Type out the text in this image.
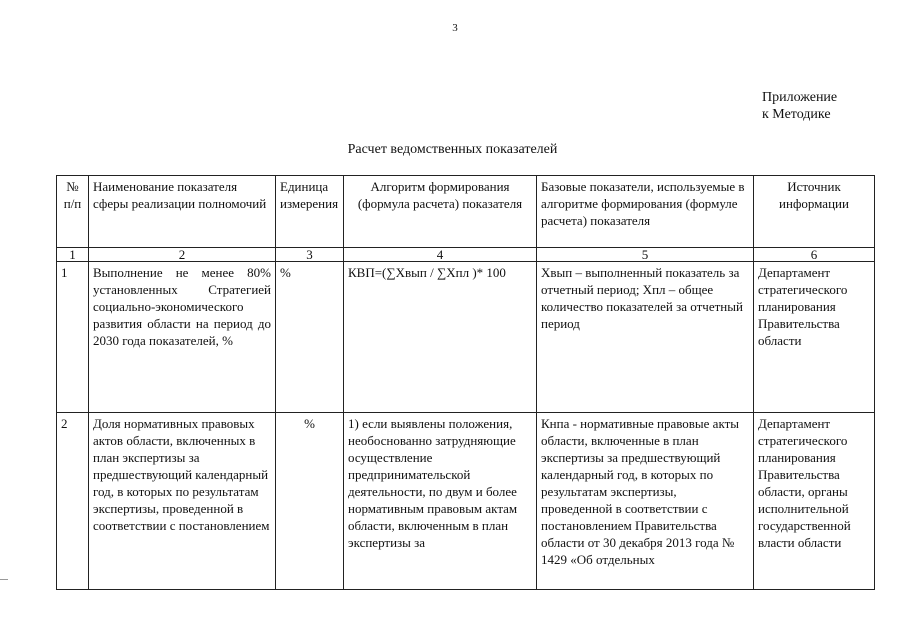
3
Приложение
к Методике
Расчет ведомственных показателей
№ п/п	Наименование показателя сферы реализации полномочий	Единица измерения	Алгоритм формирования (формула расчета) показателя	Базовые показатели, используемые в алгоритме формирования (формуле расчета) показателя	Источник информации
1	2	3	4	5	6
1	Выполнение не менее 80% установленных Стратегией социально-экономического развития области на период до 2030 года показателей, %	%	КВП=(∑Хвып / ∑Хпл )* 100	Хвып – выполненный показатель за отчетный период; Хпл – общее количество показателей за отчетный период	Департамент стратегического планирования Правительства области
2	Доля нормативных правовых актов области, включенных в план экспертизы за предшествующий календарный год, в которых по результатам экспертизы, проведенной в соответствии с постановлением	%	1) если выявлены положения, необоснованно затрудняющие осуществление предпринимательской деятельности, по двум и более нормативным правовым актам области, включенным в план экспертизы за	Кнпа - нормативные правовые акты области, включенные в план экспертизы за предшествующий календарный год, в которых по результатам экспертизы, проведенной в соответствии с постановлением Правительства области от 30 декабря 2013 года № 1429 «Об отдельных	Департамент стратегического планирования Правительства области, органы исполнительной государственной власти области
